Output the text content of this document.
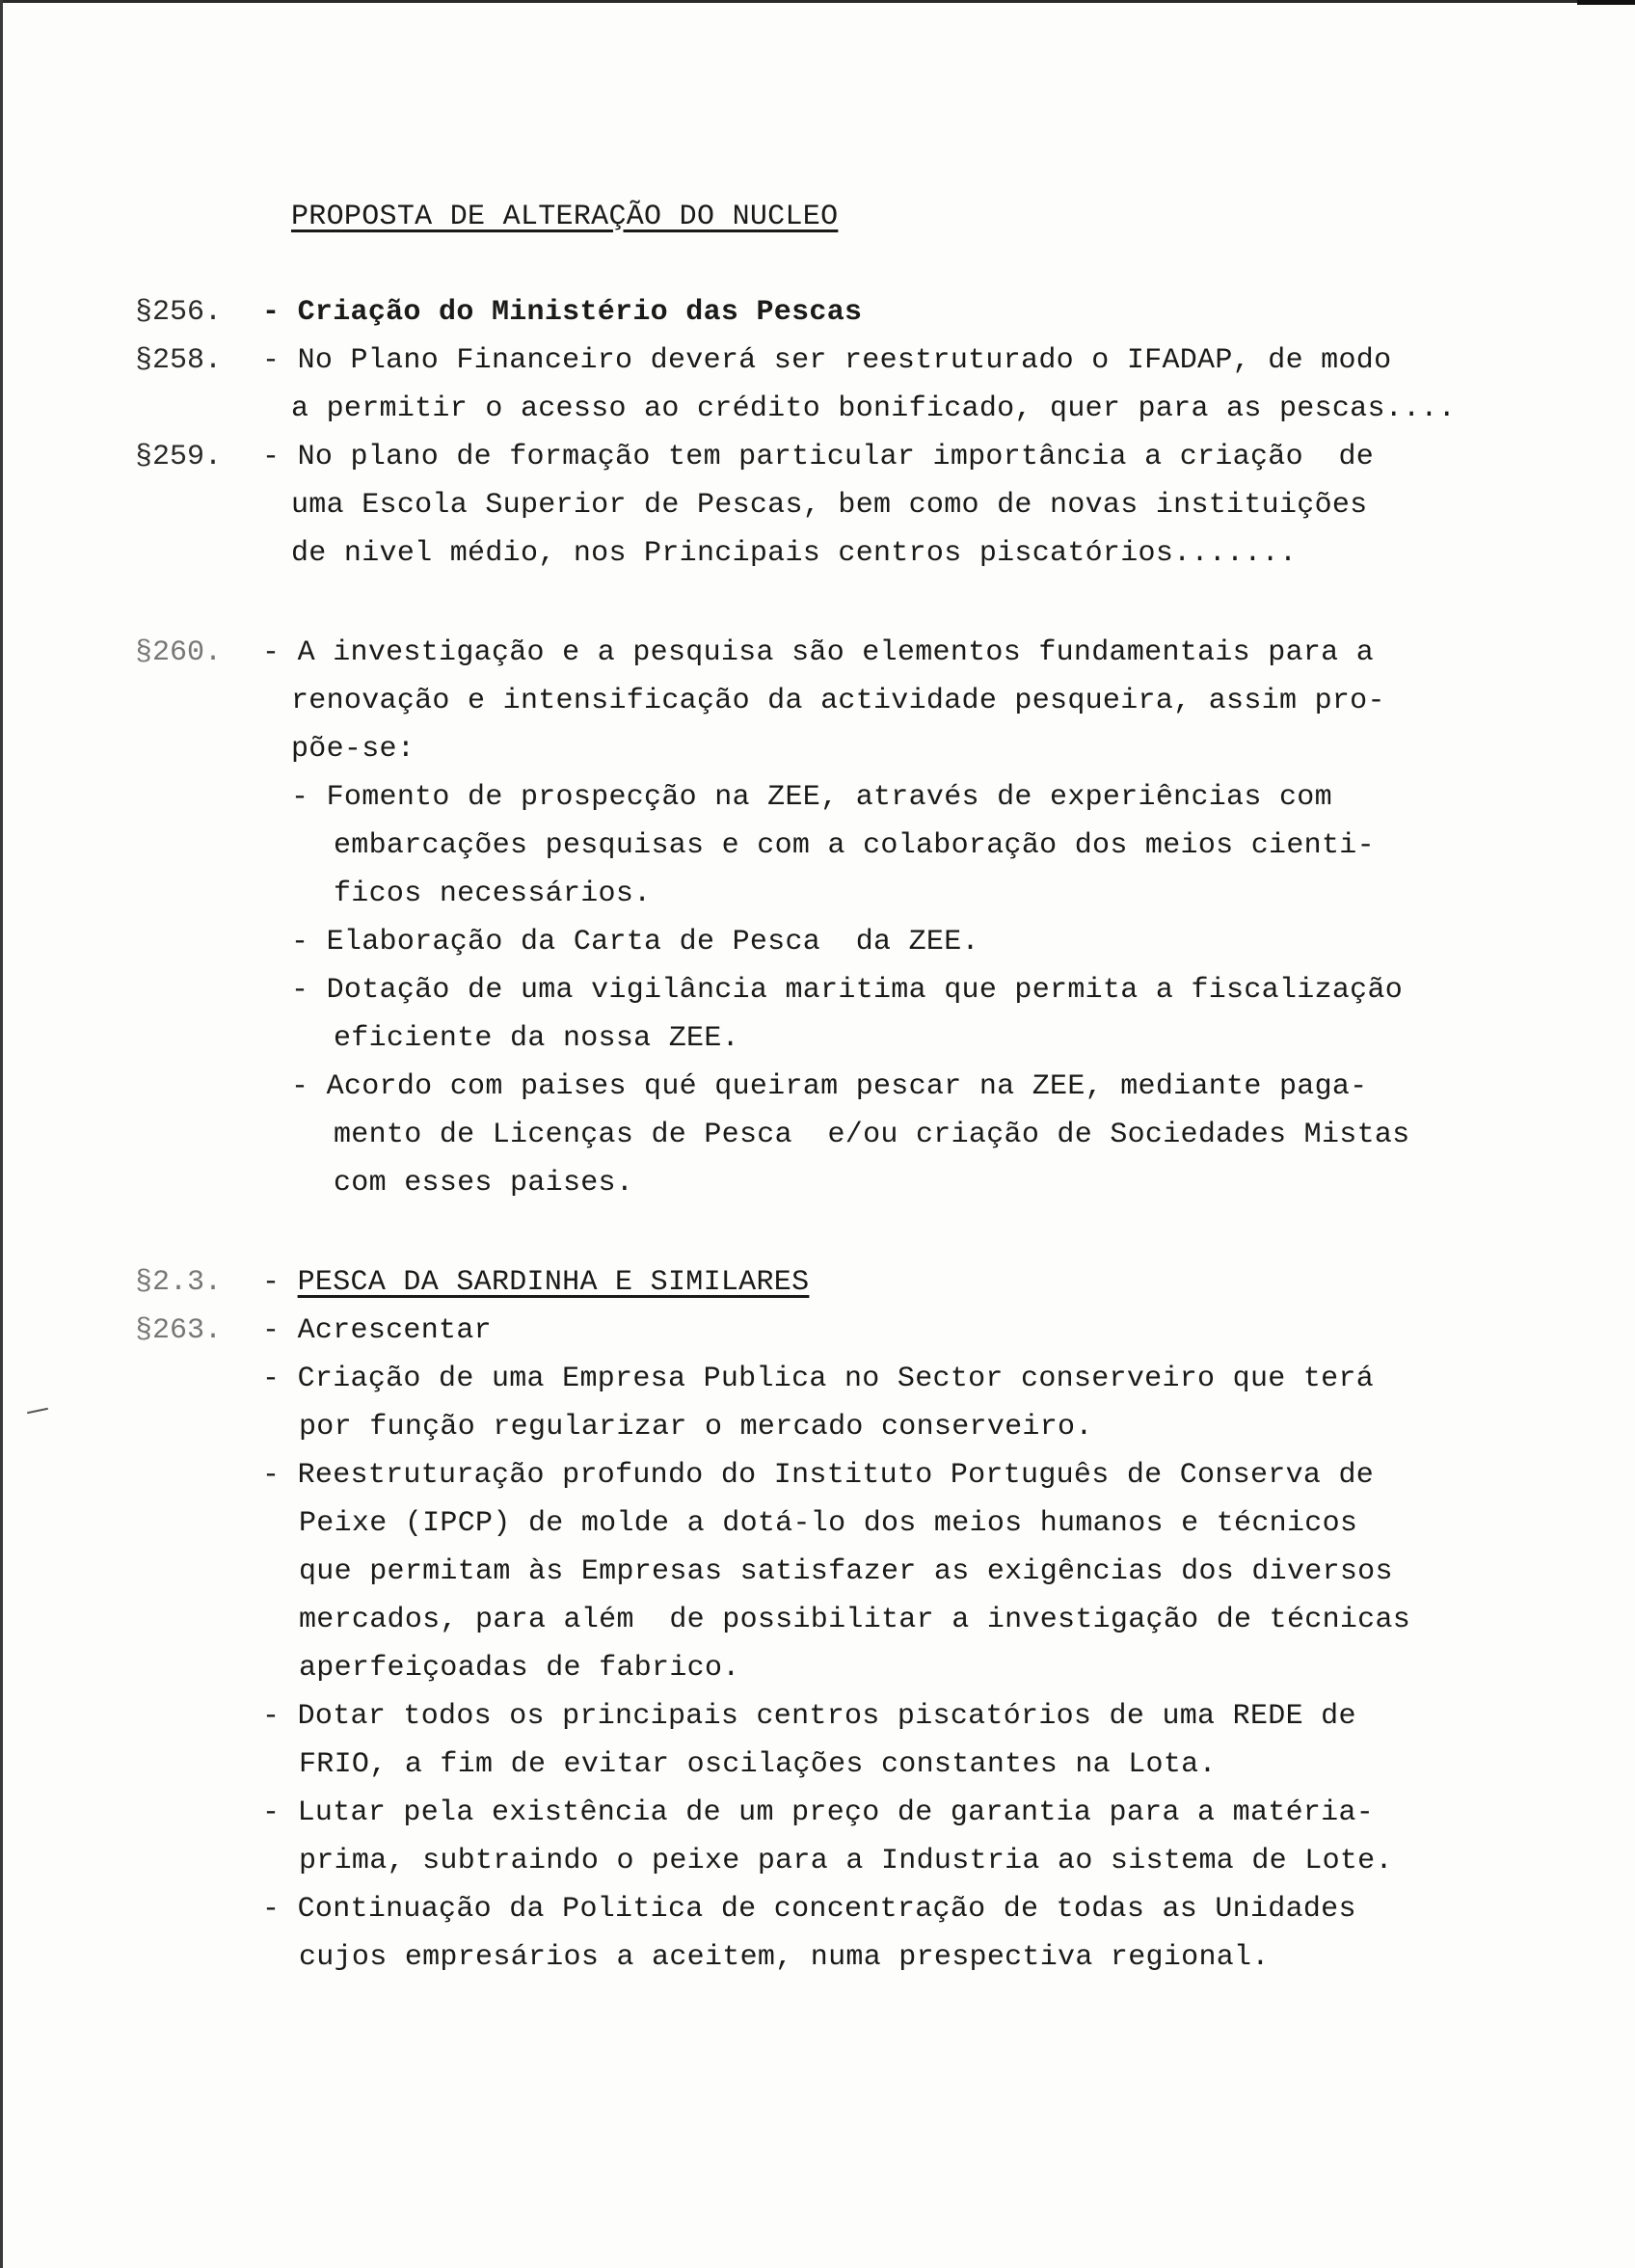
PROPOSTA DE ALTERAÇÃO DO NUCLEO
§256. - Criação do Ministério das Pescas
§258. - No Plano Financeiro deverá ser reestruturado o IFADAP, de modo
a permitir o acesso ao crédito bonificado, quer para as pescas....
§259. - No plano de formação tem particular importância a criação  de
uma Escola Superior de Pescas, bem como de novas instituições
de nivel médio, nos Principais centros piscatórios.......
§260. - A investigação e a pesquisa são elementos fundamentais para a
renovação e intensificação da actividade pesqueira, assim pro-
põe-se:
- Fomento de prospecção na ZEE, através de experiências com
embarcações pesquisas e com a colaboração dos meios cienti-
ficos necessários.
- Elaboração da Carta de Pesca  da ZEE.
- Dotação de uma vigilância maritima que permita a fiscalização
eficiente da nossa ZEE.
- Acordo com paises qué queiram pescar na ZEE, mediante paga-
mento de Licenças de Pesca  e/ou criação de Sociedades Mistas
com esses paises.
§2.3. - PESCA DA SARDINHA E SIMILARES
§263. - Acrescentar
- Criação de uma Empresa Publica no Sector conserveiro que terá
por função regularizar o mercado conserveiro.
- Reestruturação profundo do Instituto Português de Conserva de
Peixe (IPCP) de molde a dotá-lo dos meios humanos e técnicos
que permitam às Empresas satisfazer as exigências dos diversos
mercados, para além  de possibilitar a investigação de técnicas
aperfeiçoadas de fabrico.
- Dotar todos os principais centros piscatórios de uma REDE de
FRIO, a fim de evitar oscilações constantes na Lota.
- Lutar pela existência de um preço de garantia para a matéria-
prima, subtraindo o peixe para a Industria ao sistema de Lote.
- Continuação da Politica de concentração de todas as Unidades
cujos empresários a aceitem, numa prespectiva regional.
